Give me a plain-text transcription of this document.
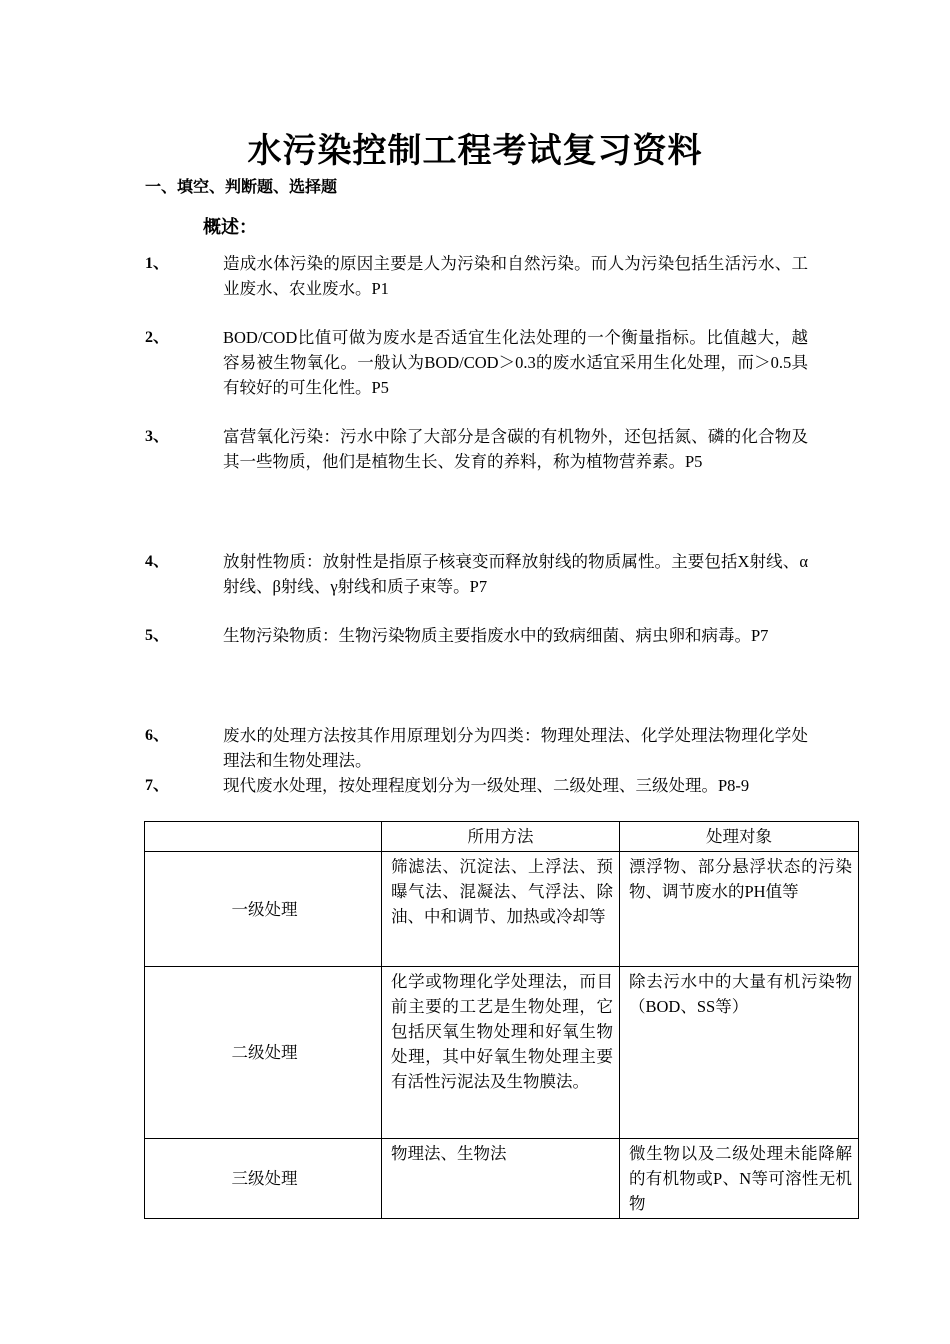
水污染控制工程考试复习资料
一、填空、判断题、选择题
概述：
1、	造成水体污染的原因主要是人为污染和自然污染。而人为污染包括生活污水、工业废水、农业废水。P1
2、	BOD/COD比值可做为废水是否适宜生化法处理的一个衡量指标。比值越大，越容易被生物氧化。一般认为BOD/COD＞0.3的废水适宜采用生化处理，而＞0.5具有较好的可生化性。P5
3、	富营氧化污染：污水中除了大部分是含碳的有机物外，还包括氮、磷的化合物及其一些物质，他们是植物生长、发育的养料，称为植物营养素。P5
4、	放射性物质：放射性是指原子核衰变而释放射线的物质属性。主要包括X射线、α射线、β射线、γ射线和质子束等。P7
5、	生物污染物质：生物污染物质主要指废水中的致病细菌、病虫卵和病毒。P7
6、	废水的处理方法按其作用原理划分为四类：物理处理法、化学处理法物理化学处理法和生物处理法。
7、	现代废水处理，按处理程度划分为一级处理、二级处理、三级处理。P8-9
	所用方法	处理对象
一级处理	筛滤法、沉淀法、上浮法、预曝气法、混凝法、气浮法、除油、中和调节、加热或冷却等	漂浮物、部分悬浮状态的污染物、调节废水的PH值等
二级处理	化学或物理化学处理法，而目前主要的工艺是生物处理，它包括厌氧生物处理和好氧生物处理，其中好氧生物处理主要有活性污泥法及生物膜法。	除去污水中的大量有机污染物（BOD、SS等）
三级处理	物理法、生物法	微生物以及二级处理未能降解的有机物或P、N等可溶性无机物
